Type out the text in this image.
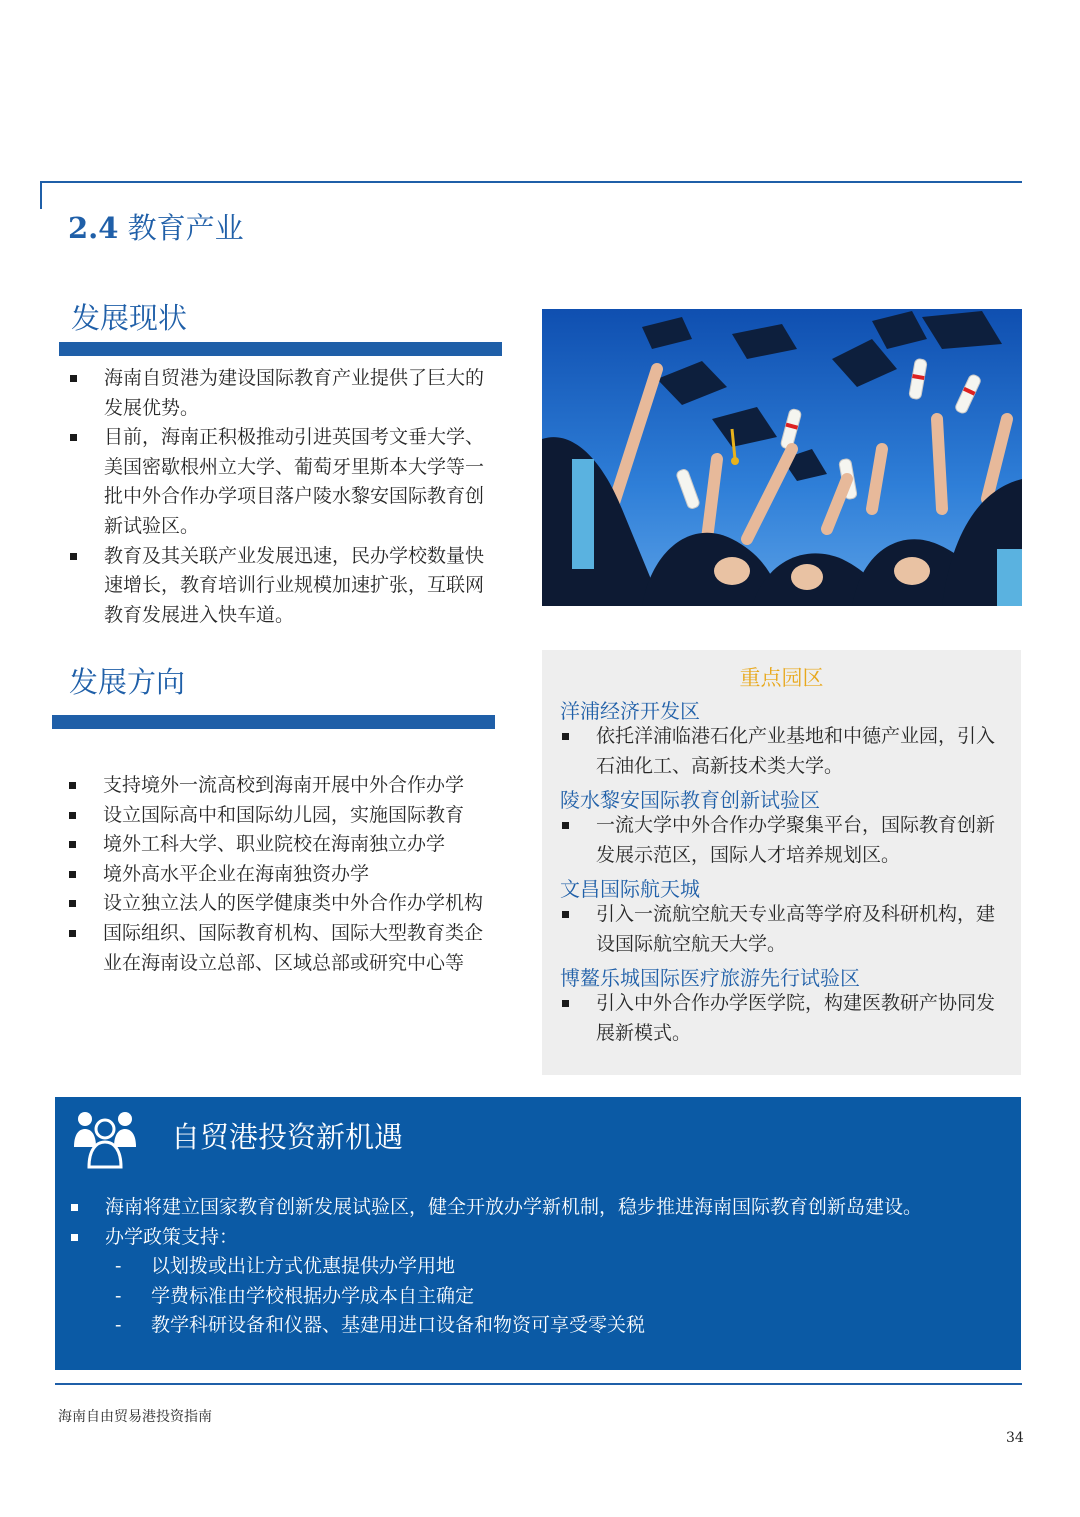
2.4 教育产业
发展现状
海南自贸港为建设国际教育产业提供了巨大的发展优势。
目前，海南正积极推动引进英国考文垂大学、美国密歇根州立大学、葡萄牙里斯本大学等一批中外合作办学项目落户陵水黎安国际教育创新试验区。
教育及其关联产业发展迅速，民办学校数量快速增长，教育培训行业规模加速扩张，互联网教育发展进入快车道。
发展方向
支持境外一流高校到海南开展中外合作办学
设立国际高中和国际幼儿园，实施国际教育
境外工科大学、职业院校在海南独立办学
境外高水平企业在海南独资办学
设立独立法人的医学健康类中外合作办学机构
国际组织、国际教育机构、国际大型教育类企业在海南设立总部、区域总部或研究中心等
重点园区
洋浦经济开发区
依托洋浦临港石化产业基地和中德产业园，引入石油化工、高新技术类大学。
陵水黎安国际教育创新试验区
一流大学中外合作办学聚集平台，国际教育创新发展示范区，国际人才培养规划区。
文昌国际航天城
引入一流航空航天专业高等学府及科研机构，建设国际航空航天大学。
博鳌乐城国际医疗旅游先行试验区
引入中外合作办学医学院，构建医教研产协同发展新模式。
自贸港投资新机遇
海南将建立国家教育创新发展试验区，健全开放办学新机制，稳步推进海南国际教育创新岛建设。
办学政策支持：
- 以划拨或出让方式优惠提供办学用地
- 学费标准由学校根据办学成本自主确定
- 教学科研设备和仪器、基建用进口设备和物资可享受零关税
海南自由贸易港投资指南
34
